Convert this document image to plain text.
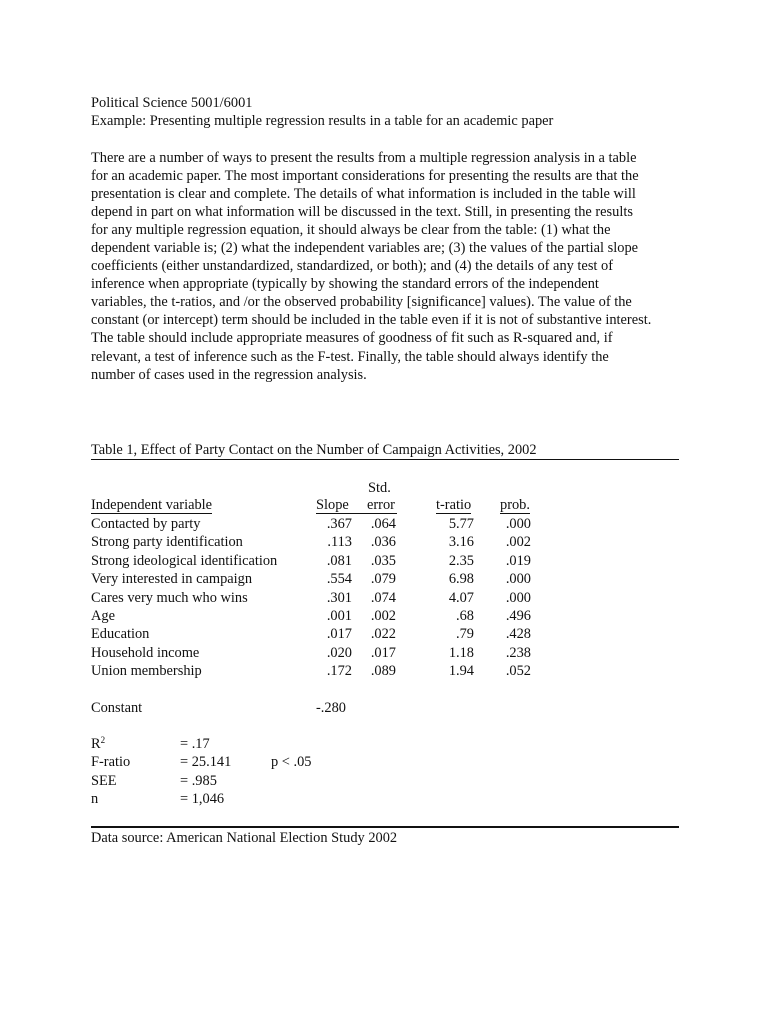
Political Science 5001/6001
Example: Presenting multiple regression results in a table for an academic paper
There are a number of ways to present the results from a multiple regression analysis in a table
for an academic paper. The most important considerations for presenting the results are that the
presentation is clear and complete. The details of what information is included in the table will
depend in part on what information will be discussed in the text. Still, in presenting the results
for any multiple regression equation, it should always be clear from the table: (1) what the
dependent variable is; (2) what the independent variables are; (3) the values of the partial slope
coefficients (either unstandardized, standardized, or both); and (4) the details of any test of
inference when appropriate (typically by showing the standard errors of the independent
variables, the t-ratios, and /or the observed probability [significance] values). The value of the
constant (or intercept) term should be included in the table even if it is not of substantive interest.
The table should include appropriate measures of goodness of fit such as R-squared and, if
relevant, a test of inference such as the F-test. Finally, the table should always identify the
number of cases used in the regression analysis.
Table 1, Effect of Party Contact on the Number of Campaign Activities, 2002
Std.
Independent variable	Slope	error	t-ratio prob.
Contacted by party	.367	.064	5.77	.000
Strong party identification	.113	.036	3.16	.002
Strong ideological identification	.081	.035	2.35	.019
Very interested in campaign	.554	.079	6.98	.000
Cares very much who wins	.301	.074	4.07	.000
Age	.001	.002	.68	.496
Education	.017	.022	.79	.428
Household income	.020	.017	1.18	.238
Union membership	.172	.089	1.94	.052
Constant	-.280
$R^2$	= .17
F-ratio	= 25.141	p < .05
SEE	= .985
n	= 1,046
Data source: American National Election Study 2002
